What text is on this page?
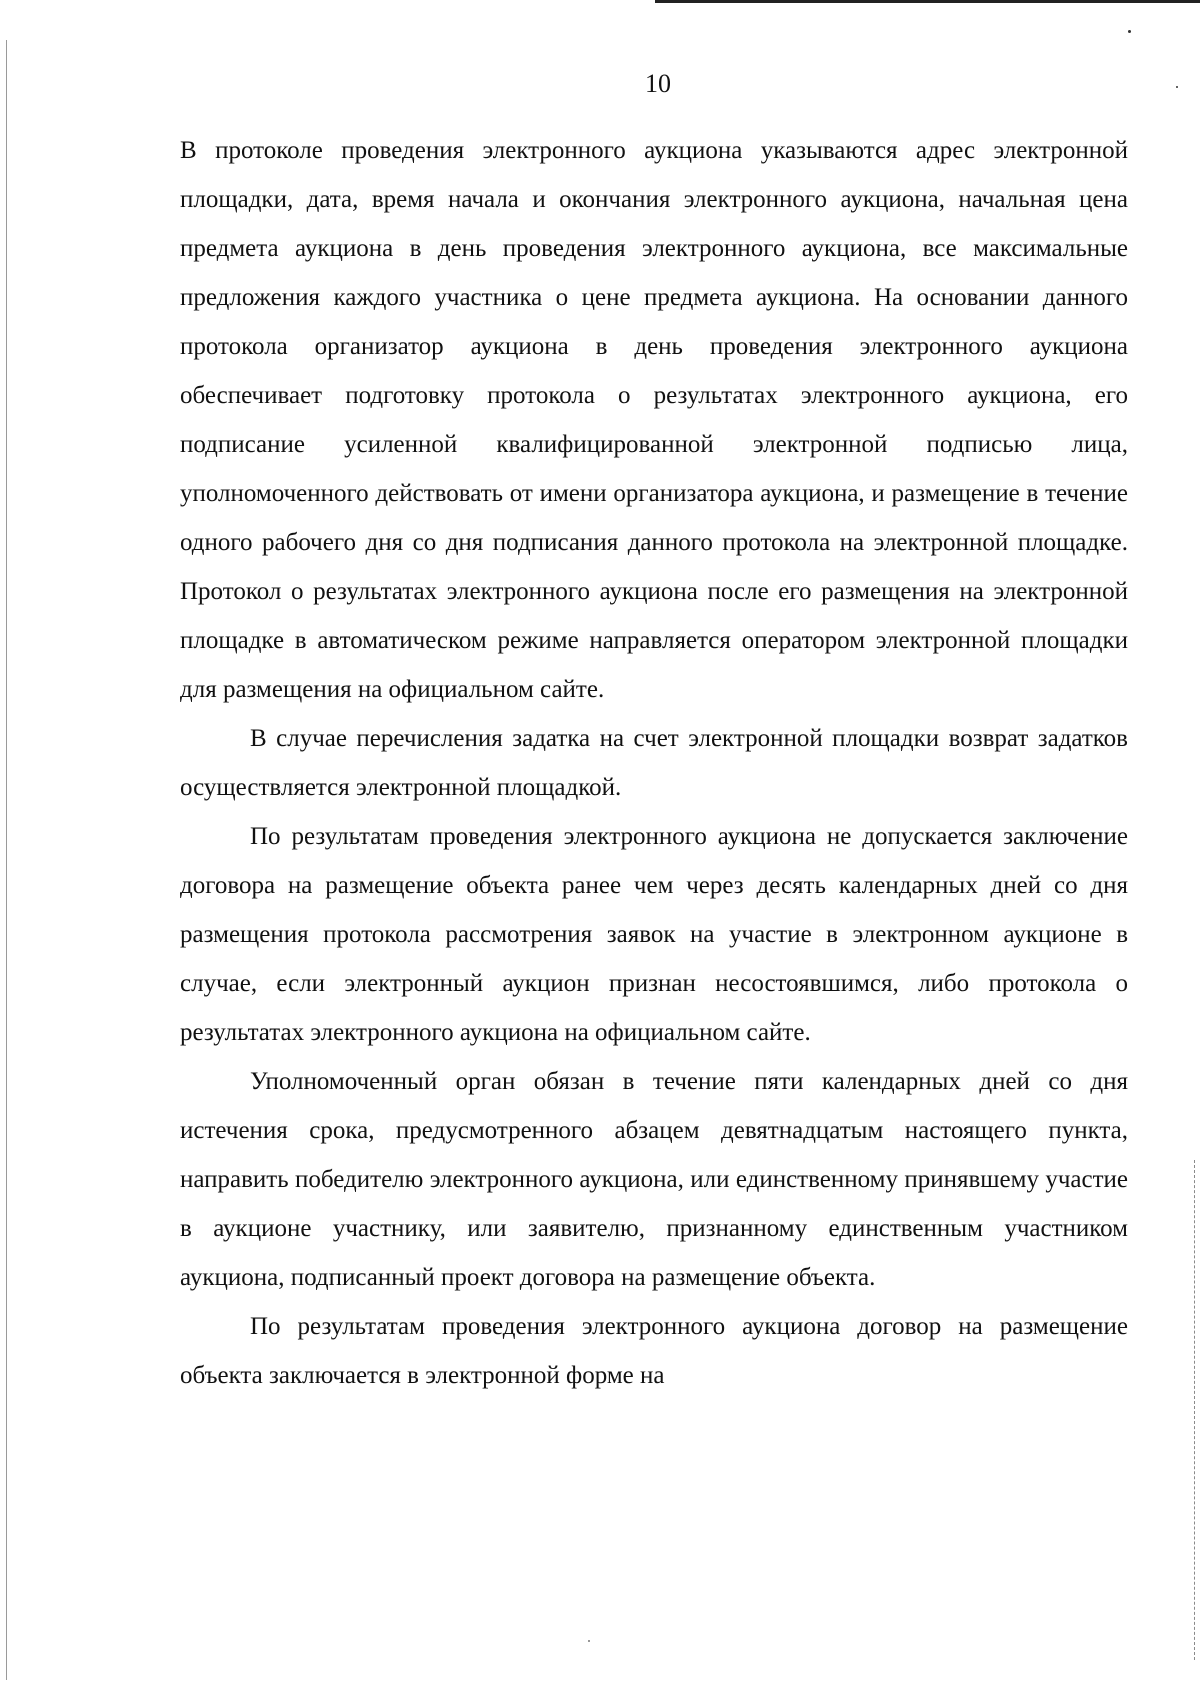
10

В протоколе проведения электронного аукциона указываются адрес электронной площадки, дата, время начала и окончания электронного аукциона, начальная цена предмета аукциона в день проведения электронного аукциона, все максимальные предложения каждого участника о цене предмета аукциона. На основании данного протокола организатор аукциона в день проведения электронного аукциона обеспечивает подготовку протокола о результатах электронного аукциона, его подписание усиленной квалифицированной электронной подписью лица, уполномоченного действовать от имени организатора аукциона, и размещение в течение одного рабочего дня со дня подписания данного протокола на электронной площадке. Протокол о результатах электронного аукциона после его размещения на электронной площадке в автоматическом режиме направляется оператором электронной площадки для размещения на официальном сайте.

В случае перечисления задатка на счет электронной площадки возврат задатков осуществляется электронной площадкой.

По результатам проведения электронного аукциона не допускается заключение договора на размещение объекта ранее чем через десять календарных дней со дня размещения протокола рассмотрения заявок на участие в электронном аукционе в случае, если электронный аукцион признан несостоявшимся, либо протокола о результатах электронного аукциона на официальном сайте.

Уполномоченный орган обязан в течение пяти календарных дней со дня истечения срока, предусмотренного абзацем девятнадцатым настоящего пункта, направить победителю электронного аукциона, или единственному принявшему участие в аукционе участнику, или заявителю, признанному единственным участником аукциона, подписанный проект договора на размещение объекта.

По результатам проведения электронного аукциона договор на размещение объекта заключается в электронной форме на
